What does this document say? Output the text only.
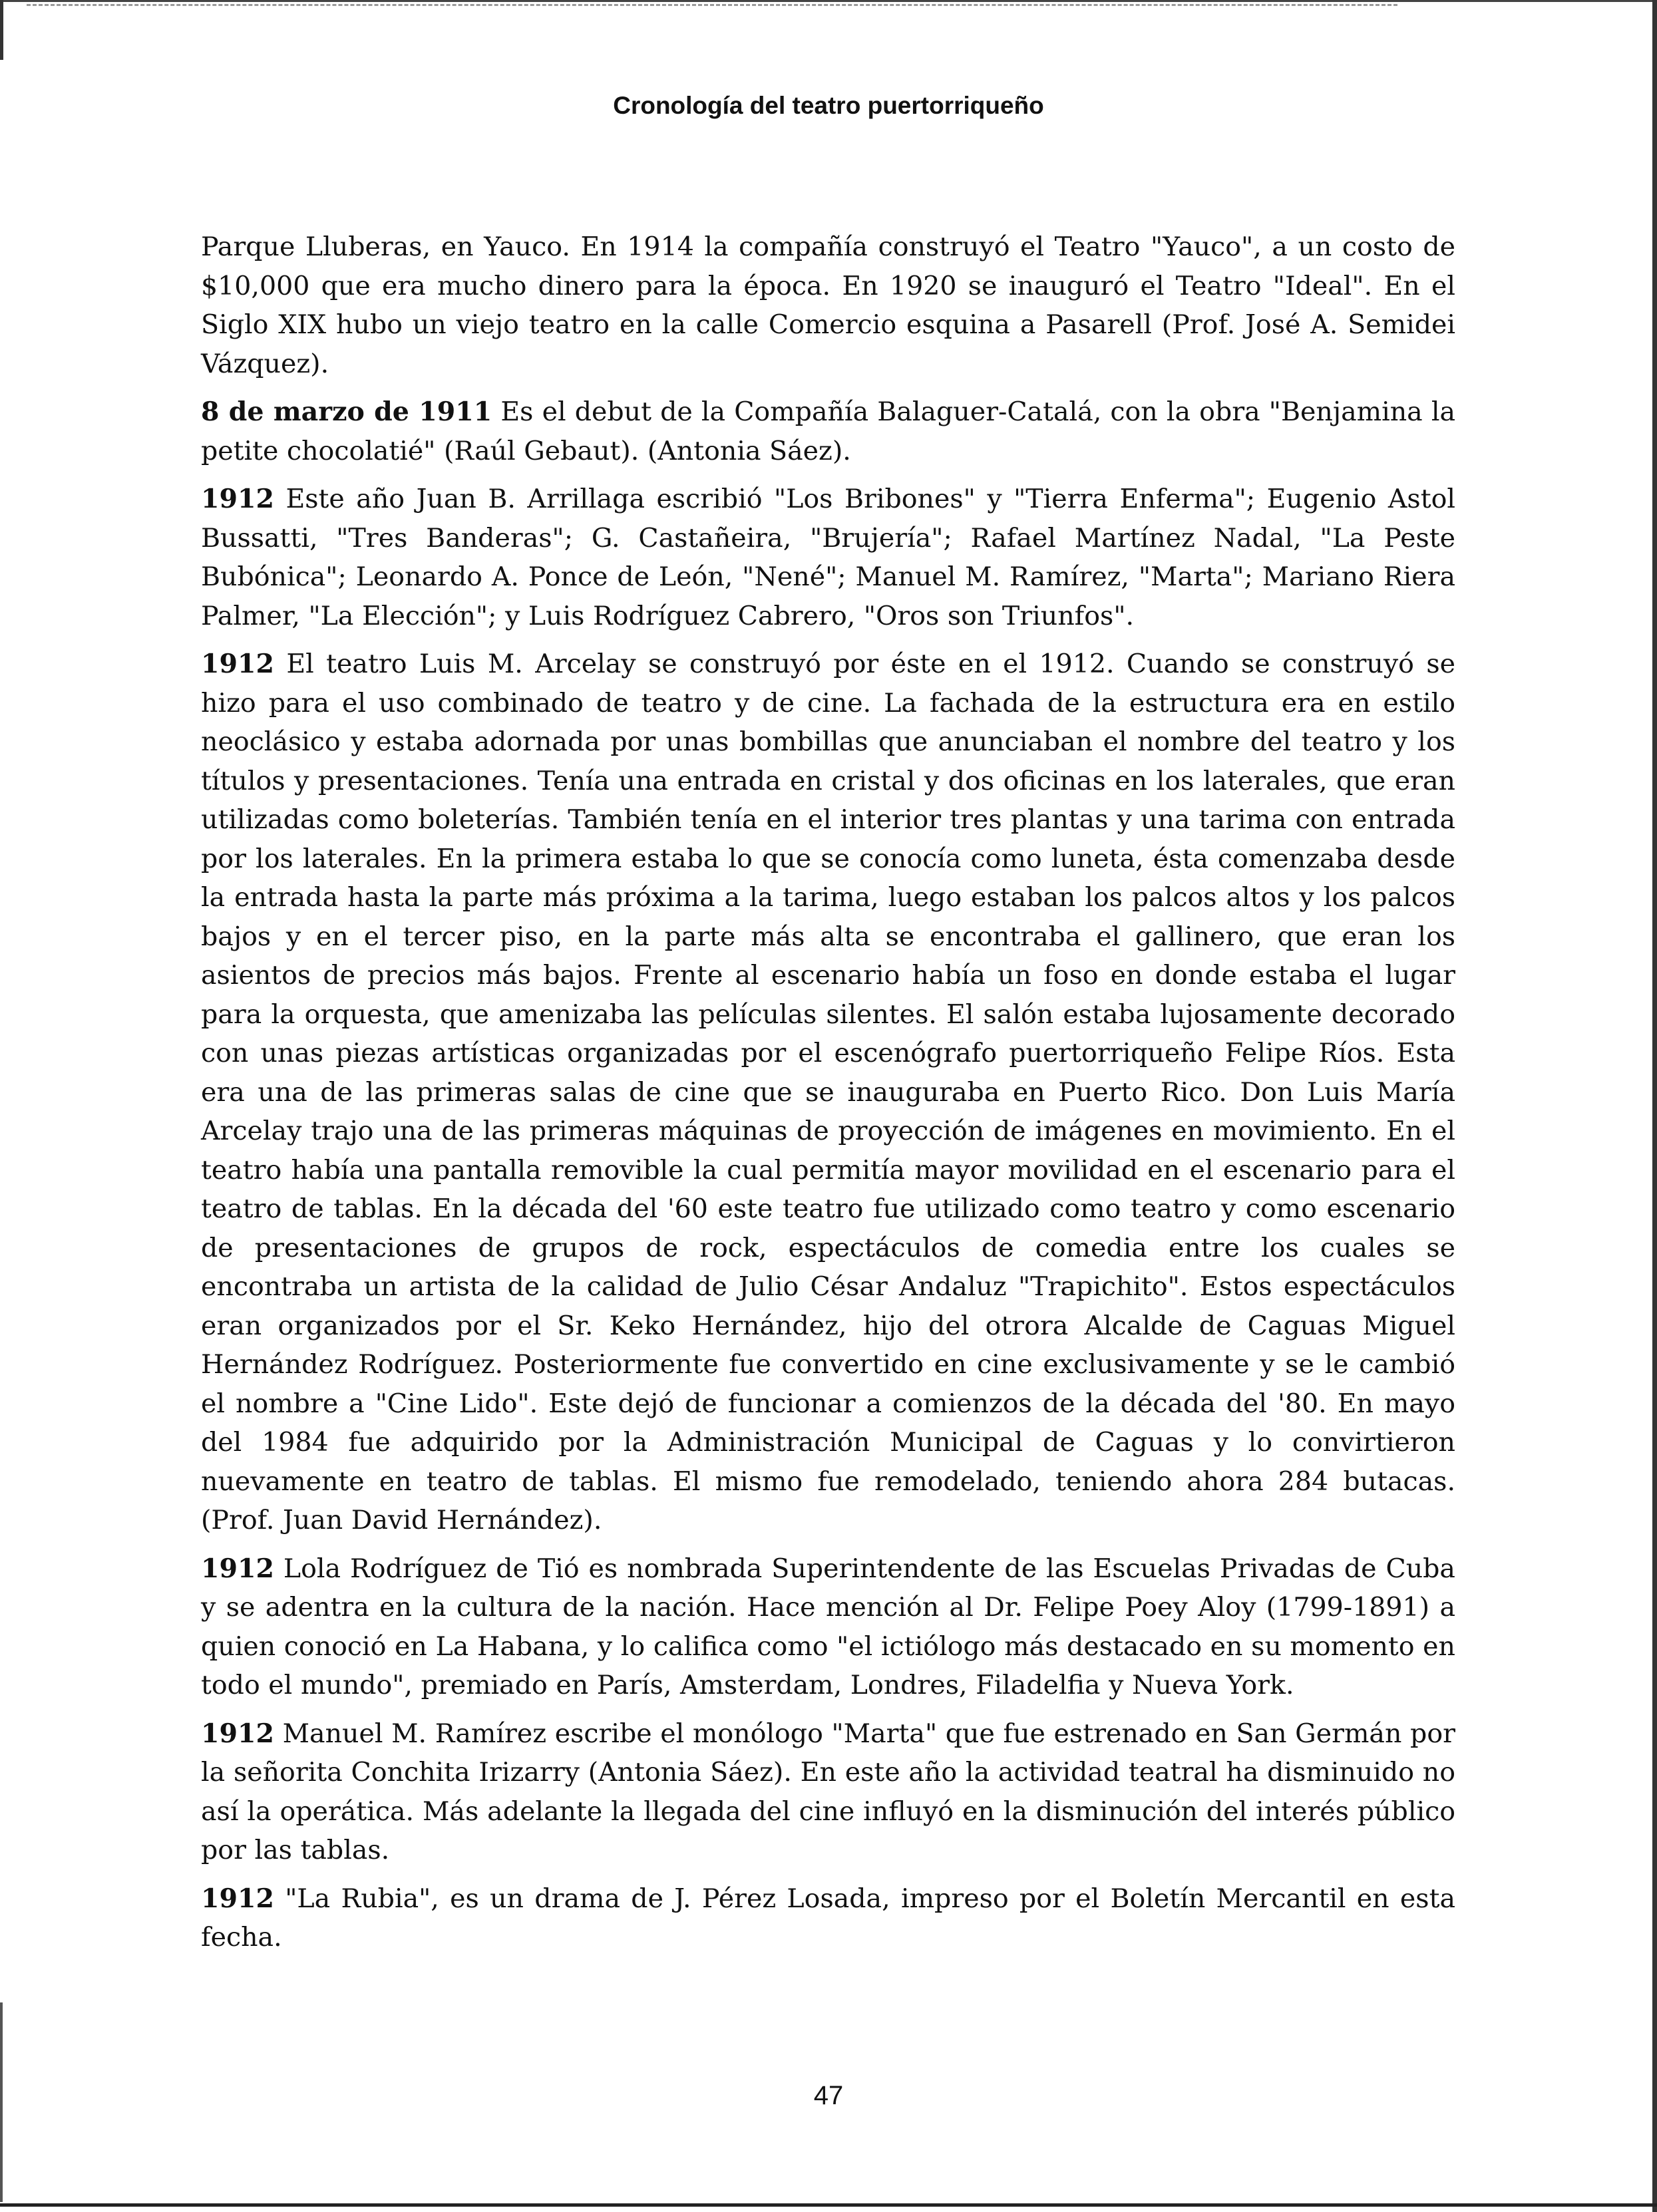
Cronología del teatro puertorriqueño

Parque Lluberas, en Yauco. En 1914 la compañía construyó el Teatro "Yauco", a un costo de $10,000 que era mucho dinero para la época. En 1920 se inauguró el Teatro "Ideal". En el Siglo XIX hubo un viejo teatro en la calle Comercio esquina a Pasarell (Prof. José A. Semidei Vázquez).

8 de marzo de 1911 Es el debut de la Compañía Balaguer-Catalá, con la obra "Benjamina la petite chocolatié" (Raúl Gebaut). (Antonia Sáez).

1912 Este año Juan B. Arrillaga escribió "Los Bribones" y "Tierra Enferma"; Eugenio Astol Bussatti, "Tres Banderas"; G. Castañeira, "Brujería"; Rafael Martínez Nadal, "La Peste Bubónica"; Leonardo A. Ponce de León, "Nené"; Manuel M. Ramírez, "Marta"; Mariano Riera Palmer, "La Elección"; y Luis Rodríguez Cabrero, "Oros son Triunfos".

1912 El teatro Luis M. Arcelay se construyó por éste en el 1912. Cuando se construyó se hizo para el uso combinado de teatro y de cine. La fachada de la estructura era en estilo neoclásico y estaba adornada por unas bombillas que anunciaban el nombre del teatro y los títulos y presentaciones. Tenía una entrada en cristal y dos oficinas en los laterales, que eran utilizadas como boleterías. También tenía en el interior tres plantas y una tarima con entrada por los laterales. En la primera estaba lo que se conocía como luneta, ésta comenzaba desde la entrada hasta la parte más próxima a la tarima, luego estaban los palcos altos y los palcos bajos y en el tercer piso, en la parte más alta se encontraba el gallinero, que eran los asientos de precios más bajos. Frente al escenario había un foso en donde estaba el lugar para la orquesta, que amenizaba las películas silentes. El salón estaba lujosamente decorado con unas piezas artísticas organizadas por el escenógrafo puertorriqueño Felipe Ríos. Esta era una de las primeras salas de cine que se inauguraba en Puerto Rico. Don Luis María Arcelay trajo una de las primeras máquinas de proyección de imágenes en movimiento. En el teatro había una pantalla removible la cual permitía mayor movilidad en el escenario para el teatro de tablas. En la década del '60 este teatro fue utilizado como teatro y como escenario de presentaciones de grupos de rock, espectáculos de comedia entre los cuales se encontraba un artista de la calidad de Julio César Andaluz "Trapichito". Estos espectáculos eran organizados por el Sr. Keko Hernández, hijo del otrora Alcalde de Caguas Miguel Hernández Rodríguez. Posteriormente fue convertido en cine exclusivamente y se le cambió el nombre a "Cine Lido". Este dejó de funcionar a comienzos de la década del '80. En mayo del 1984 fue adquirido por la Administración Municipal de Caguas y lo convirtieron nuevamente en teatro de tablas. El mismo fue remodelado, teniendo ahora 284 butacas. (Prof. Juan David Hernández).

1912 Lola Rodríguez de Tió es nombrada Superintendente de las Escuelas Privadas de Cuba y se adentra en la cultura de la nación. Hace mención al Dr. Felipe Poey Aloy (1799-1891) a quien conoció en La Habana, y lo califica como "el ictiólogo más destacado en su momento en todo el mundo", premiado en París, Amsterdam, Londres, Filadelfia y Nueva York.

1912 Manuel M. Ramírez escribe el monólogo "Marta" que fue estrenado en San Germán por la señorita Conchita Irizarry (Antonia Sáez). En este año la actividad teatral ha disminuido no así la operática. Más adelante la llegada del cine influyó en la disminución del interés público por las tablas.

1912 "La Rubia", es un drama de J. Pérez Losada, impreso por el Boletín Mercantil en esta fecha.

47
